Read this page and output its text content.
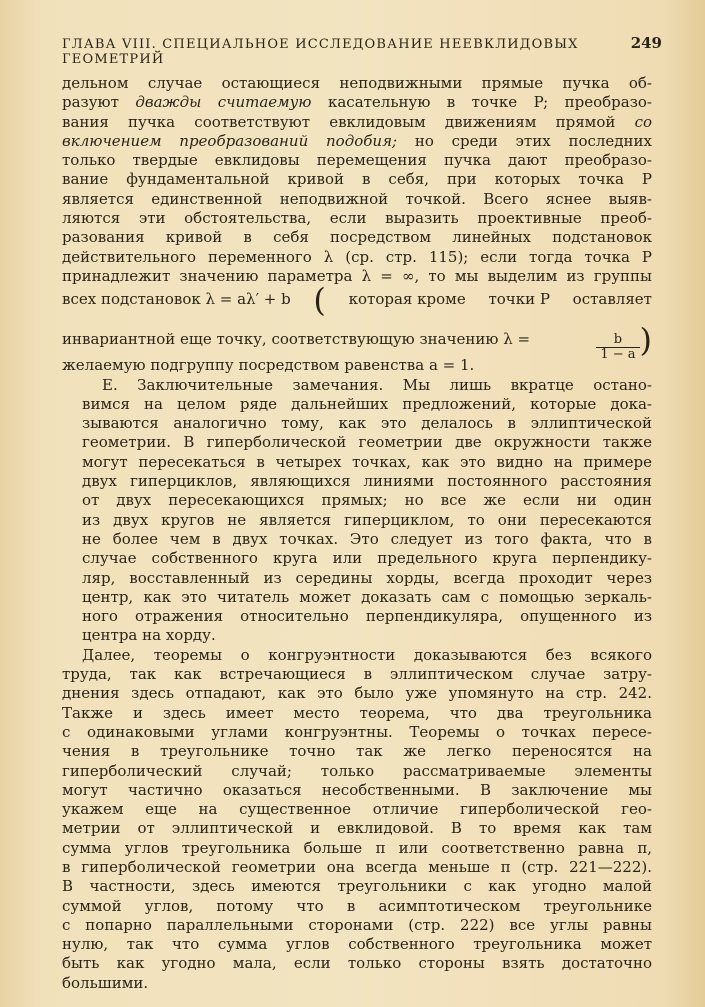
ГЛАВА VIII. СПЕЦИАЛЬНОЕ ИССЛЕДОВАНИЕ НЕЕВКЛИДОВЫХ ГЕОМЕТРИЙ
249

дельном случае остающиеся неподвижными прямые пучка об-
разуют дважды считаемую касательную в точке P; преобразо-
вания пучка соответствуют евклидовым движениям прямой со
включением преобразований подобия; но среди этих последних
только твердые евклидовы перемещения пучка дают преобразо-
вание фундаментальной кривой в себя, при которых точка P
является единственной неподвижной точкой. Всего яснее выяв-
ляются эти обстоятельства, если выразить проективные преоб-
разования кривой в себя посредством линейных подстановок
действительного переменного λ (ср. стр. 115); если тогда точка P
принадлежит значению параметра λ = ∞, то мы выделим из группы

всех подстановок λ = aλ′ + b ( которая кроме точки P оставляет
инвариантной еще точку, соответствующую значению λ =	$\frac{b}{1 - a}$ )

желаемую подгруппу посредством равенства a = 1.

E. Заключительные замечания. Мы лишь вкратце остано-
вимся на целом ряде дальнейших предложений, которые дока-
зываются аналогично тому, как это делалось в эллиптической
геометрии. В гиперболической геометрии две окружности также
могут пересекаться в четырех точках, как это видно на примере
двух гиперциклов, являющихся линиями постоянного расстояния
от двух пересекающихся прямых; но все же если ни один
из двух кругов не является гиперциклом, то они пересекаются
не более чем в двух точках. Это следует из того факта, что в
случае собственного круга или предельного круга перпендику-
ляр, восставленный из середины хорды, всегда проходит через
центр, как это читатель может доказать сам с помощью зеркаль-
ного отражения относительно перпендикуляра, опущенного из
центра на хорду.

Далее, теоремы о конгруэнтности доказываются без всякого
труда, так как встречающиеся в эллиптическом случае затру-
днения здесь отпадают, как это было уже упомянуто на стр. 242.
Также и здесь имеет место теорема, что два треугольника
с одинаковыми углами конгруэнтны. Теоремы о точках пересе-
чения в треугольнике точно так же легко переносятся на
гиперболический случай; только рассматриваемые элементы
могут частично оказаться несобственными. В заключение мы
укажем еще на существенное отличие гиперболической гео-
метрии от эллиптической и евклидовой. В то время как там
сумма углов треугольника больше π или соответственно равна π,
в гиперболической геометрии она всегда меньше π (стр. 221—222).
В частности, здесь имеются треугольники с как угодно малой
суммой углов, потому что в асимптотическом треугольнике
с попарно параллельными сторонами (стр. 222) все углы равны
нулю, так что сумма углов собственного треугольника может
быть как угодно мала, если только стороны взять достаточно
большими.
